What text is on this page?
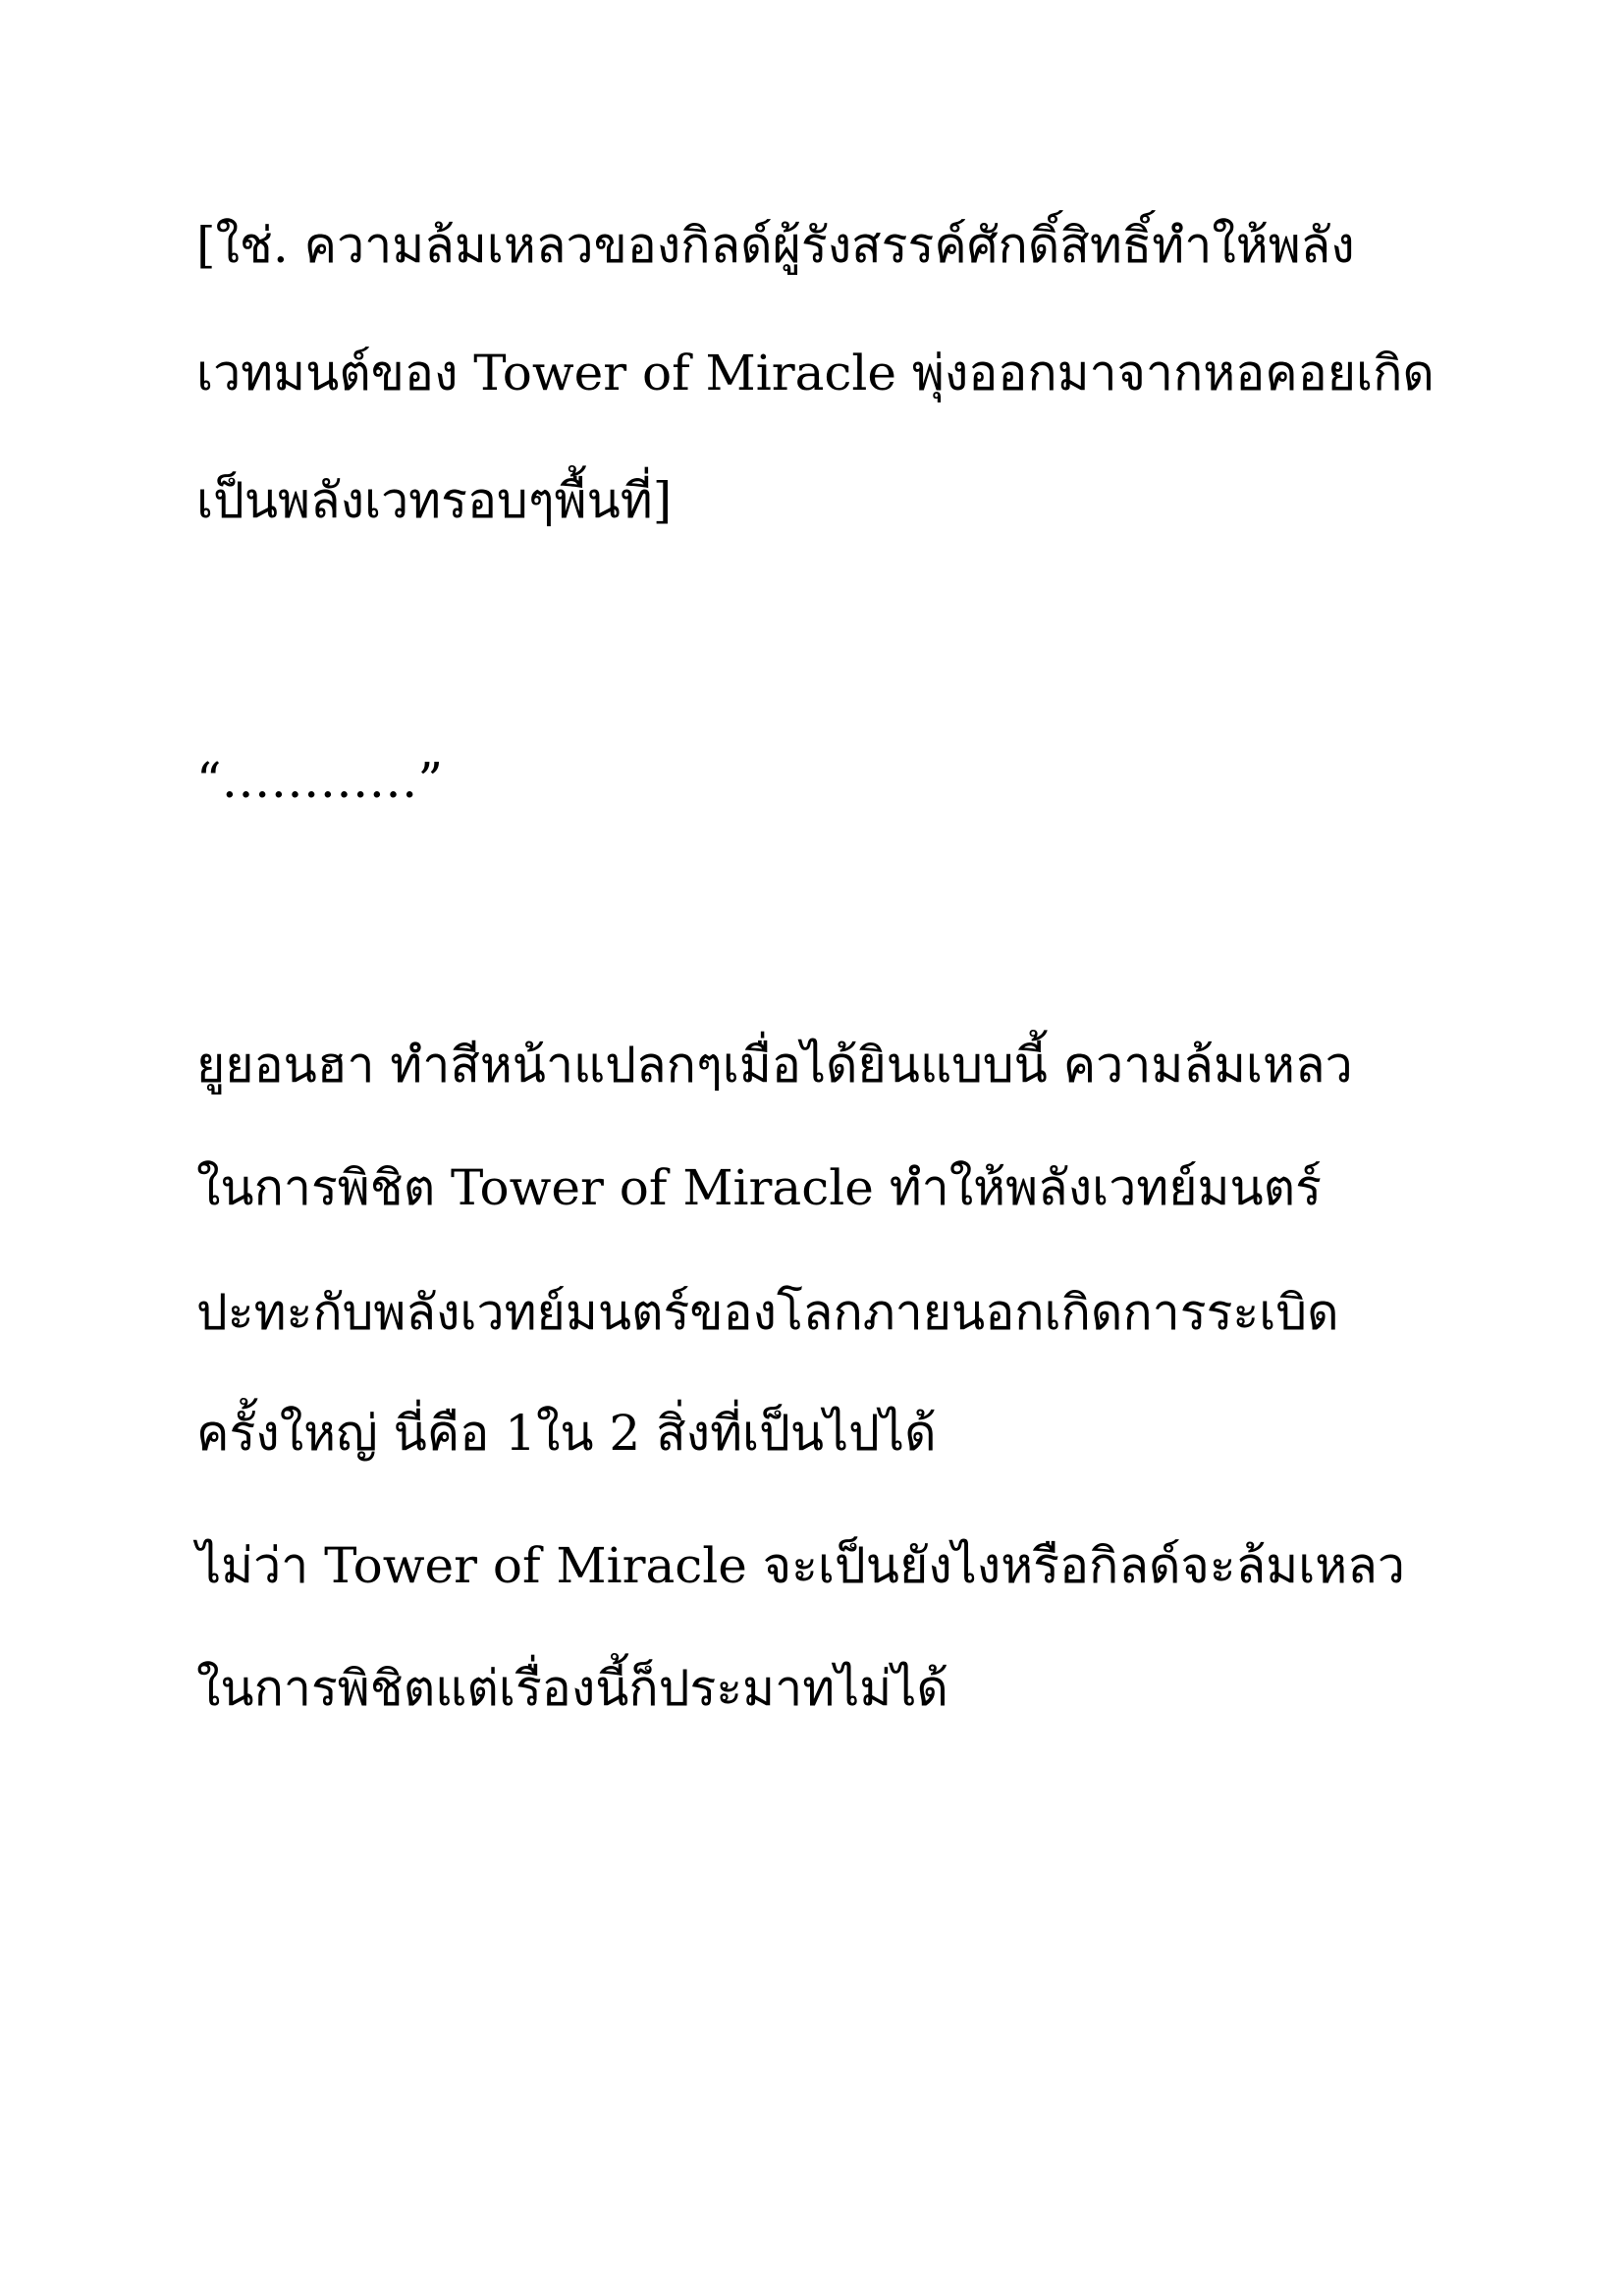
[ใช่. ความล้มเหลวของกิลด์ผู้รังสรรค์ศักดิ์สิทธิ์ทำให้พลัง
เวทมนต์ของ Tower of Miracle พุ่งออกมาจากหอคอยเกิด
เป็นพลังเวทรอบๆพื้นที่]
“…………”
ยูยอนฮา ทำสีหน้าแปลกๆเมื่อได้ยินแบบนี้ ความล้มเหลว
ในการพิชิต Tower of Miracle ทำให้พลังเวทย์มนตร์
ปะทะกับพลังเวทย์มนตร์ของโลกภายนอกเกิดการระเบิด
ครั้งใหญ่ นี่คือ 1ใน 2 สิ่งที่เป็นไปได้
ไม่ว่า Tower of Miracle จะเป็นยังไงหรือกิลด์จะล้มเหลว
ในการพิชิตแต่เรื่องนี้ก็ประมาทไม่ได้
